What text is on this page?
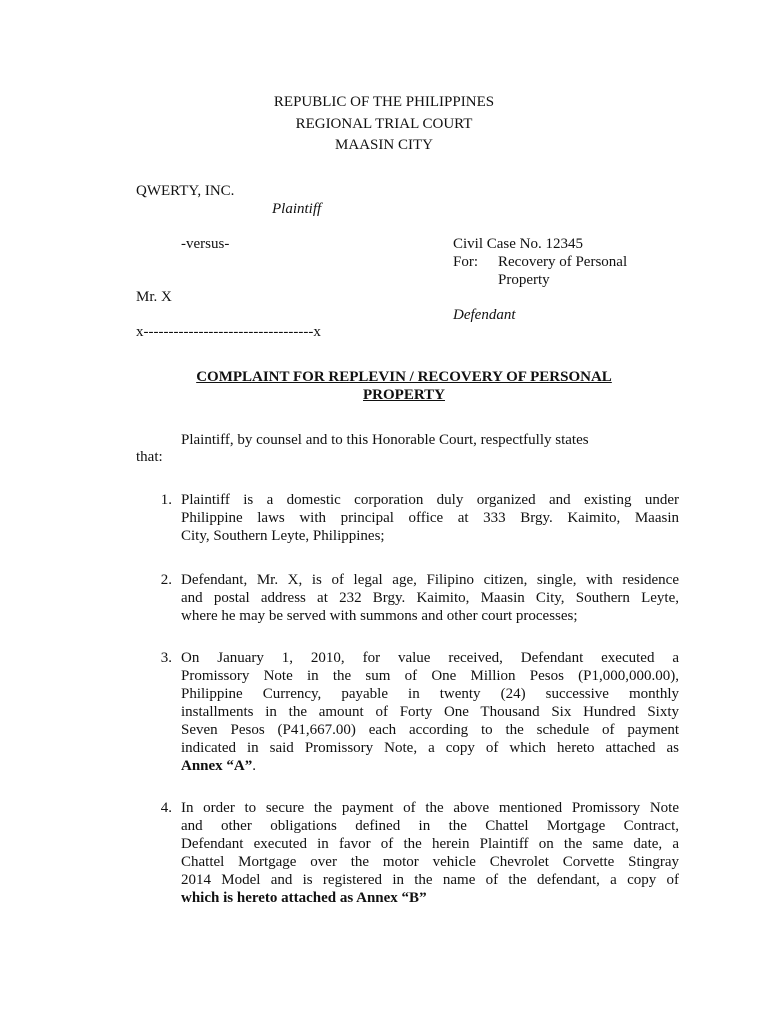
REPUBLIC OF THE PHILIPPINES
REGIONAL TRIAL COURT
MAASIN CITY
QWERTY, INC.
Plaintiff
-versus-	Civil Case No. 12345
For: Recovery of Personal
Property
Mr. X
Defendant
x----------------------------------x
COMPLAINT FOR REPLEVIN / RECOVERY OF PERSONAL
PROPERTY
Plaintiff, by counsel and to this Honorable Court, respectfully states
that:
1. Plaintiff is a domestic corporation duly organized and existing under
Philippine laws with principal office at 333 Brgy. Kaimito, Maasin
City, Southern Leyte, Philippines;
2. Defendant, Mr. X, is of legal age, Filipino citizen, single, with residence
and postal address at 232 Brgy. Kaimito, Maasin City, Southern Leyte,
where he may be served with summons and other court processes;
3. On January 1, 2010, for value received, Defendant executed a
Promissory Note in the sum of One Million Pesos (P1,000,000.00),
Philippine Currency, payable in twenty (24) successive monthly
installments in the amount of Forty One Thousand Six Hundred Sixty
Seven Pesos (P41,667.00) each according to the schedule of payment
indicated in said Promissory Note, a copy of which hereto attached as
Annex “A”.
4. In order to secure the payment of the above mentioned Promissory Note
and other obligations defined in the Chattel Mortgage Contract,
Defendant executed in favor of the herein Plaintiff on the same date, a
Chattel Mortgage over the motor vehicle Chevrolet Corvette Stingray
2014 Model and is registered in the name of the defendant, a copy of
which is hereto attached as Annex “B”
